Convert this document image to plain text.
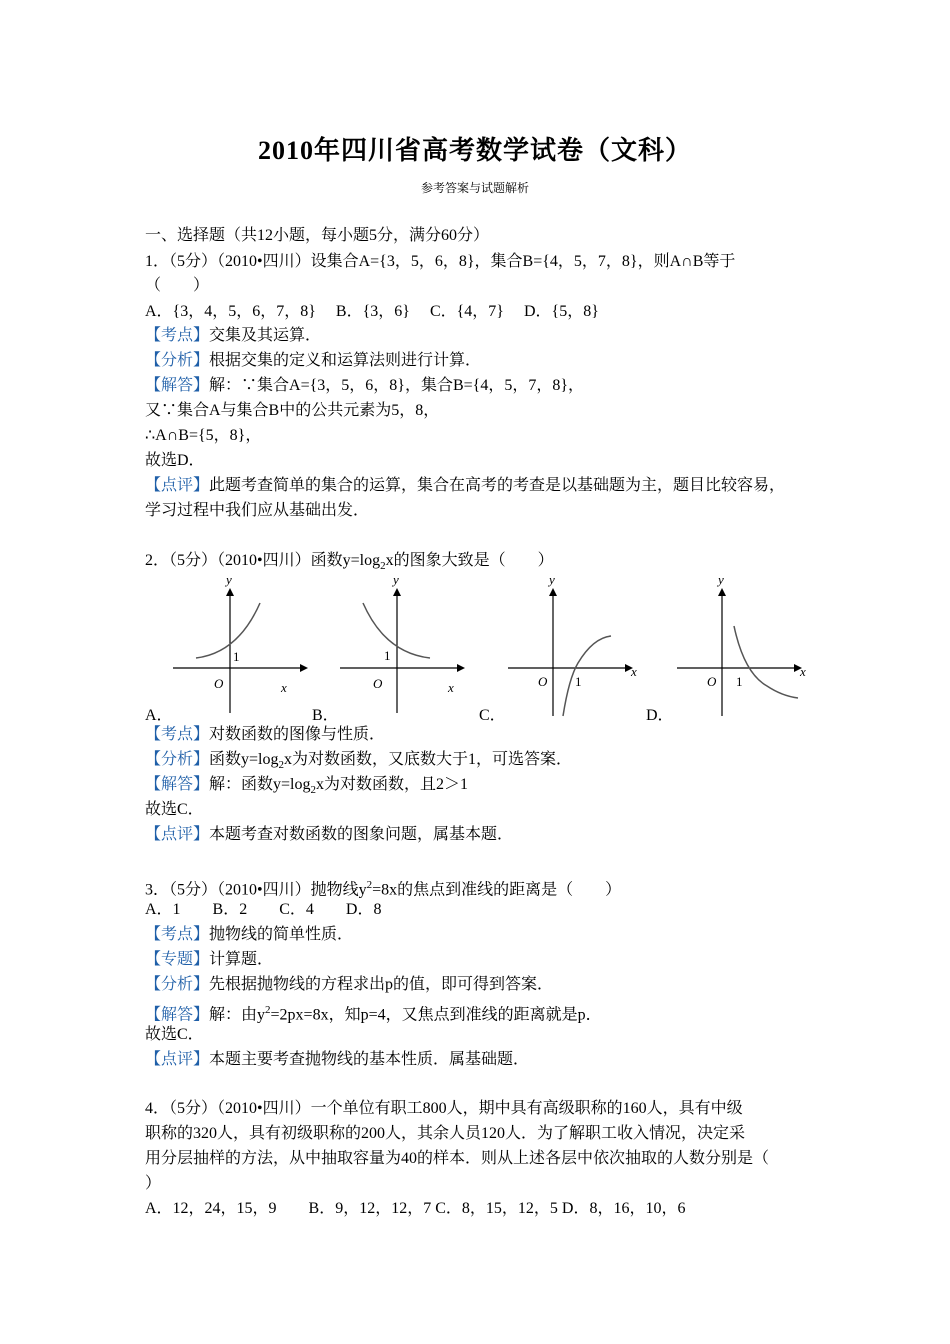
2010年四川省高考数学试卷（文科）
参考答案与试题解析
一、选择题（共12小题，每小题5分，满分60分）
1．（5分）（2010•四川）设集合A={3，5，6，8}，集合B={4，5，7，8}，则A∩B等于
（　　）
A．{3，4，5，6，7，8}　 B．{3，6}　 C．{4，7}　 D．{5，8}
【考点】交集及其运算．
【分析】根据交集的定义和运算法则进行计算．
【解答】解：∵集合A={3，5，6，8}，集合B={4，5，7，8}，
又∵集合A与集合B中的公共元素为5，8，
∴A∩B={5，8}，
故选D．
【点评】此题考查简单的集合的运算，集合在高考的考查是以基础题为主，题目比较容易，
学习过程中我们应从基础出发．
2．（5分）（2010•四川）函数$y=\log_2x$的图象大致是（　　）
y
x
O
1
y
x
O
1
y
x
O 1
y
x
O 1
A．	B．	C．	D．
【考点】对数函数的图像与性质．
【分析】函数$y=\log_2x$为对数函数，又底数大于1，可选答案．
【解答】解：函数$y=\log_2x$为对数函数，且2＞1
故选C．
【点评】本题考查对数函数的图象问题，属基本题．
3．（5分）（2010•四川）抛物线$y^2=8x$的焦点到准线的距离是（　　）
A．1　　B．2　　C．4　　D．8
【考点】抛物线的简单性质．
【专题】计算题．
【分析】先根据抛物线的方程求出p的值，即可得到答案．
【解答】解：由$y^2=2px=8x$，知p=4，又焦点到准线的距离就是p．
故选C．
【点评】本题主要考查抛物线的基本性质．属基础题．
4．（5分）（2010•四川）一个单位有职工800人，期中具有高级职称的160人，具有中级
职称的320人，具有初级职称的200人，其余人员120人．为了解职工收入情况，决定采
用分层抽样的方法，从中抽取容量为40的样本．则从上述各层中依次抽取的人数分别是（
）
A．12，24，15，9　　B．9，12，12，7 C．8，15，12，5 D．8，16，10，6
